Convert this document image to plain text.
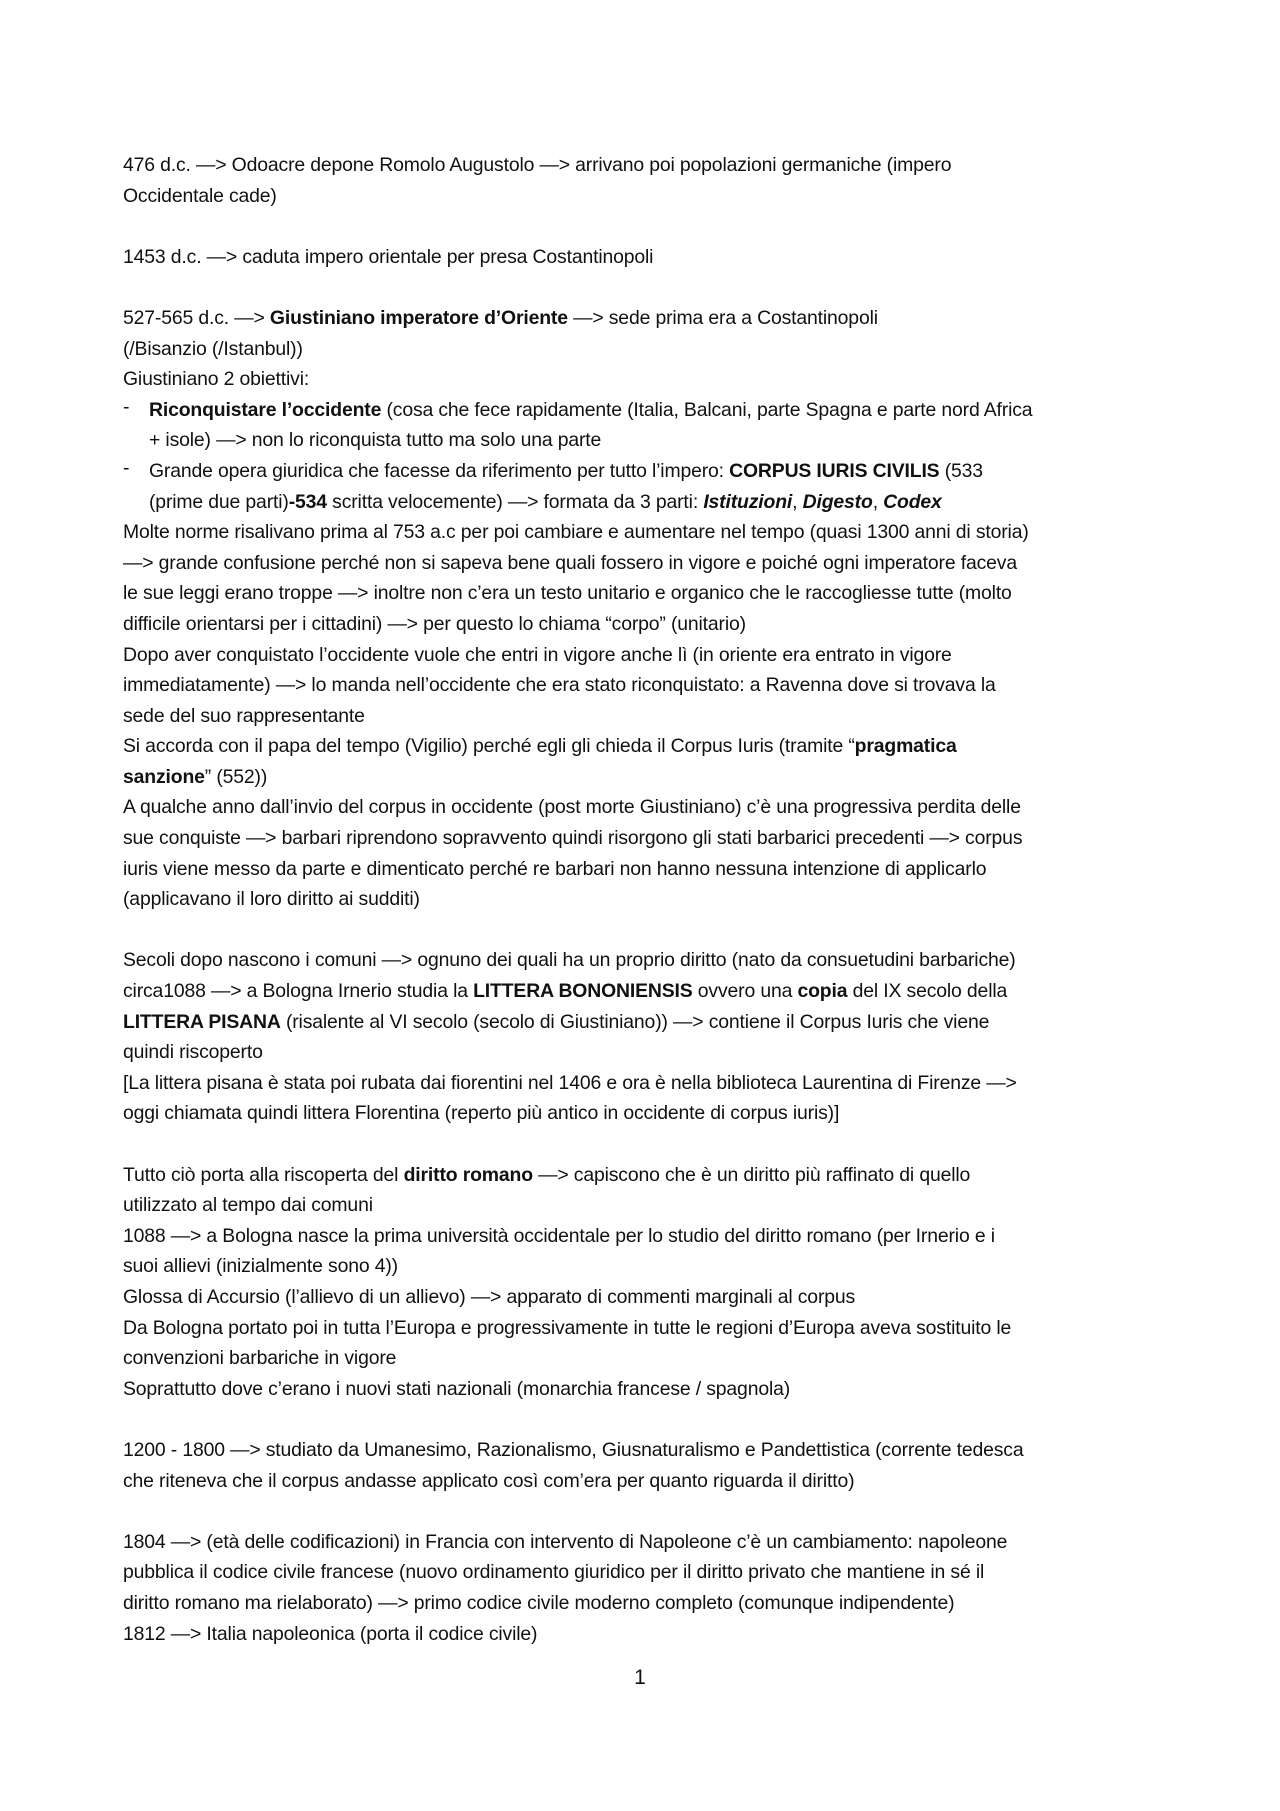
476 d.c. —> Odoacre depone Romolo Augustolo —> arrivano poi popolazioni germaniche (impero
Occidentale cade)
1453 d.c. —> caduta impero orientale per presa Costantinopoli
527-565 d.c. —> Giustiniano imperatore d’Oriente —> sede prima era a Costantinopoli
(/Bisanzio (/Istanbul))
Giustiniano 2 obiettivi:
- Riconquistare l’occidente (cosa che fece rapidamente (Italia, Balcani, parte Spagna e parte nord Africa
+ isole) —> non lo riconquista tutto ma solo una parte
- Grande opera giuridica che facesse da riferimento per tutto l’impero: CORPUS IURIS CIVILIS (533
(prime due parti)-534 scritta velocemente) —> formata da 3 parti: Istituzioni, Digesto, Codex
Molte norme risalivano prima al 753 a.c per poi cambiare e aumentare nel tempo (quasi 1300 anni di storia)
—> grande confusione perché non si sapeva bene quali fossero in vigore e poiché ogni imperatore faceva
le sue leggi erano troppe —> inoltre non c’era un testo unitario e organico che le raccogliesse tutte (molto
difficile orientarsi per i cittadini) —> per questo lo chiama “corpo” (unitario)
Dopo aver conquistato l’occidente vuole che entri in vigore anche lì (in oriente era entrato in vigore
immediatamente) —> lo manda nell’occidente che era stato riconquistato: a Ravenna dove si trovava la
sede del suo rappresentante
Si accorda con il papa del tempo (Vigilio) perché egli gli chieda il Corpus Iuris (tramite “pragmatica
sanzione” (552))
A qualche anno dall’invio del corpus in occidente (post morte Giustiniano) c’è una progressiva perdita delle
sue conquiste —> barbari riprendono sopravvento quindi risorgono gli stati barbarici precedenti —> corpus
iuris viene messo da parte e dimenticato perché re barbari non hanno nessuna intenzione di applicarlo
(applicavano il loro diritto ai sudditi)
Secoli dopo nascono i comuni —> ognuno dei quali ha un proprio diritto (nato da consuetudini barbariche)
circa1088 —> a Bologna Irnerio studia la LITTERA BONONIENSIS ovvero una copia del IX secolo della
LITTERA PISANA (risalente al VI secolo (secolo di Giustiniano)) —> contiene il Corpus Iuris che viene
quindi riscoperto
[La littera pisana è stata poi rubata dai fiorentini nel 1406 e ora è nella biblioteca Laurentina di Firenze —>
oggi chiamata quindi littera Florentina (reperto più antico in occidente di corpus iuris)]
Tutto ciò porta alla riscoperta del diritto romano —> capiscono che è un diritto più raffinato di quello
utilizzato al tempo dai comuni
1088 —> a Bologna nasce la prima università occidentale per lo studio del diritto romano (per Irnerio e i
suoi allievi (inizialmente sono 4))
Glossa di Accursio (l’allievo di un allievo) —> apparato di commenti marginali al corpus
Da Bologna portato poi in tutta l’Europa e progressivamente in tutte le regioni d’Europa aveva sostituito le
convenzioni barbariche in vigore
Soprattutto dove c’erano i nuovi stati nazionali (monarchia francese / spagnola)
1200 - 1800 —> studiato da Umanesimo, Razionalismo, Giusnaturalismo e Pandettistica (corrente tedesca
che riteneva che il corpus andasse applicato così com’era per quanto riguarda il diritto)
1804 —> (età delle codificazioni) in Francia con intervento di Napoleone c’è un cambiamento: napoleone
pubblica il codice civile francese (nuovo ordinamento giuridico per il diritto privato che mantiene in sé il
diritto romano ma rielaborato) —> primo codice civile moderno completo (comunque indipendente)
1812 —> Italia napoleonica (porta il codice civile)
1
